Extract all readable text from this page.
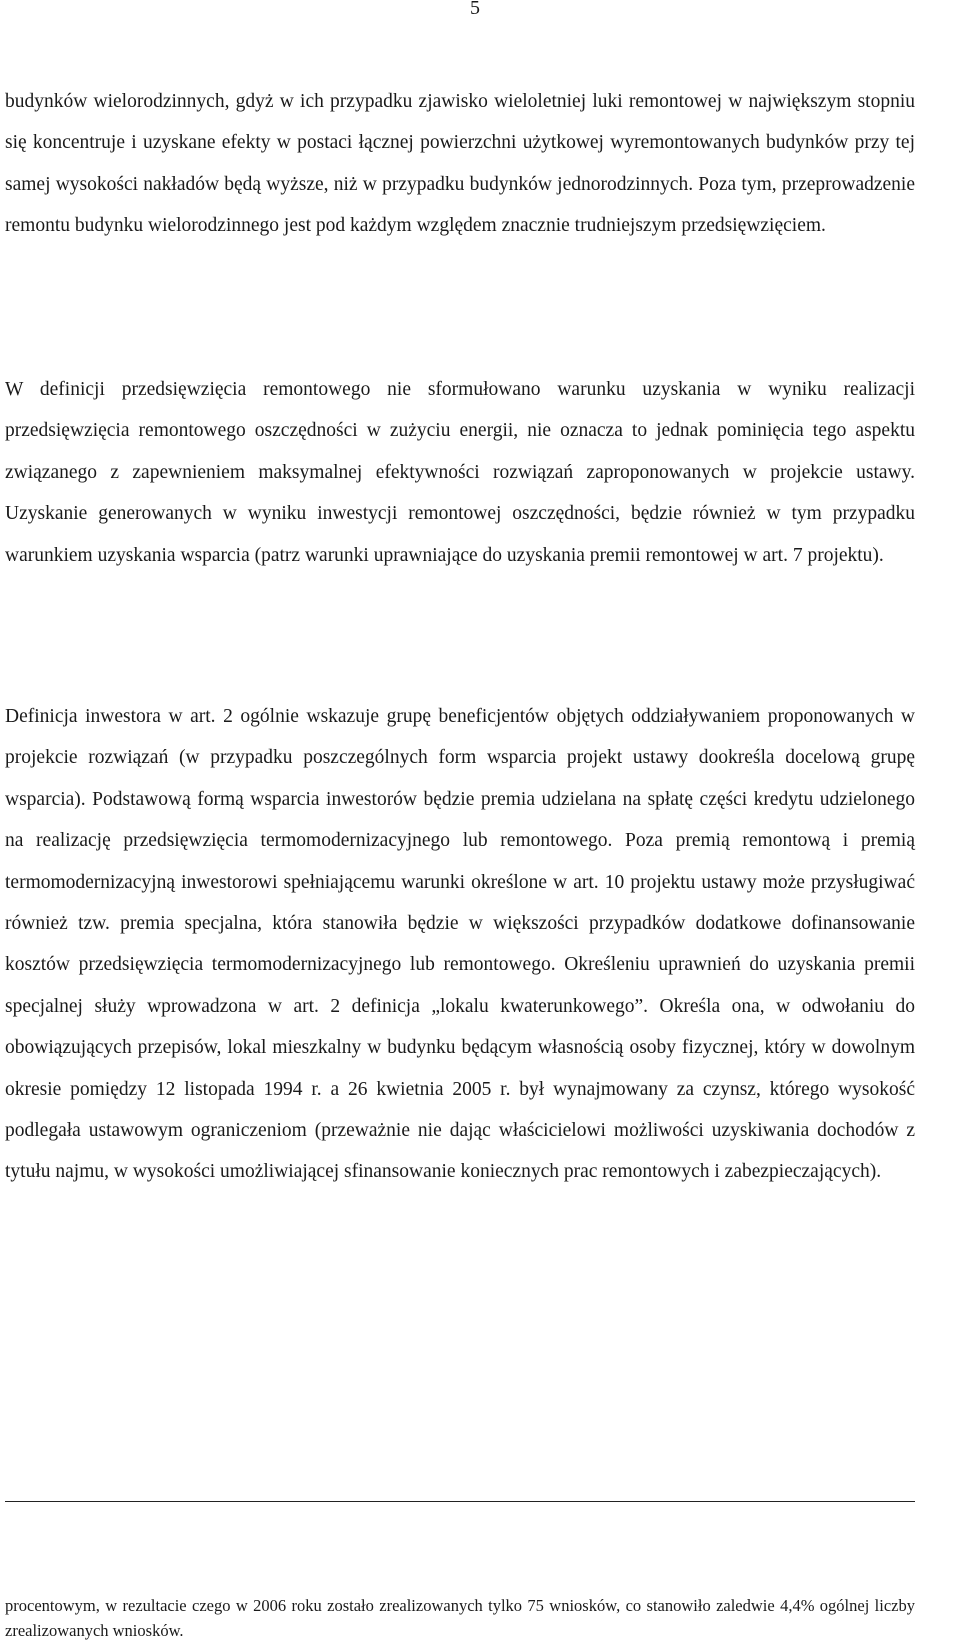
5

budynków wielorodzinnych, gdyż w ich przypadku zjawisko wieloletniej luki remontowej w największym stopniu się koncentruje i uzyskane efekty w postaci łącznej powierzchni użytkowej wyremontowanych budynków przy tej samej wysokości nakładów będą wyższe, niż w przypadku budynków jednorodzinnych. Poza tym, przeprowadzenie remontu budynku wielorodzinnego jest pod każdym względem znacznie trudniejszym przedsięwzięciem.

W definicji przedsięwzięcia remontowego nie sformułowano warunku uzyskania w wyniku realizacji przedsięwzięcia remontowego oszczędności w zużyciu energii, nie oznacza to jednak pominięcia tego aspektu związanego z zapewnieniem maksymalnej efektywności rozwiązań zaproponowanych w projekcie ustawy. Uzyskanie generowanych w wyniku inwestycji remontowej oszczędności, będzie również w tym przypadku warunkiem uzyskania wsparcia (patrz warunki uprawniające do uzyskania premii remontowej w art. 7 projektu).

Definicja inwestora w art. 2 ogólnie wskazuje grupę beneficjentów objętych oddziaływaniem proponowanych w projekcie rozwiązań (w przypadku poszczególnych form wsparcia projekt ustawy dookreśla docelową grupę wsparcia). Podstawową formą wsparcia inwestorów będzie premia udzielana na spłatę części kredytu udzielonego na realizację przedsięwzięcia termomodernizacyjnego lub remontowego. Poza premią remontową i premią termomodernizacyjną inwestorowi spełniającemu warunki określone w art. 10 projektu ustawy może przysługiwać również tzw. premia specjalna, która stanowiła będzie w większości przypadków dodatkowe dofinansowanie kosztów przedsięwzięcia termomodernizacyjnego lub remontowego. Określeniu uprawnień do uzyskania premii specjalnej służy wprowadzona w art. 2 definicja „lokalu kwaterunkowego”. Określa ona, w odwołaniu do obowiązujących przepisów, lokal mieszkalny w budynku będącym własnością osoby fizycznej, który w dowolnym okresie pomiędzy 12 listopada 1994 r. a 26 kwietnia 2005 r. był wynajmowany za czynsz, którego wysokość podlegała ustawowym ograniczeniom (przeważnie nie dając właścicielowi możliwości uzyskiwania dochodów z tytułu najmu, w wysokości umożliwiającej sfinansowanie koniecznych prac remontowych i zabezpieczających).

procentowym, w rezultacie czego w 2006 roku zostało zrealizowanych tylko 75 wniosków, co stanowiło zaledwie 4,4% ogólnej liczby zrealizowanych wniosków.
